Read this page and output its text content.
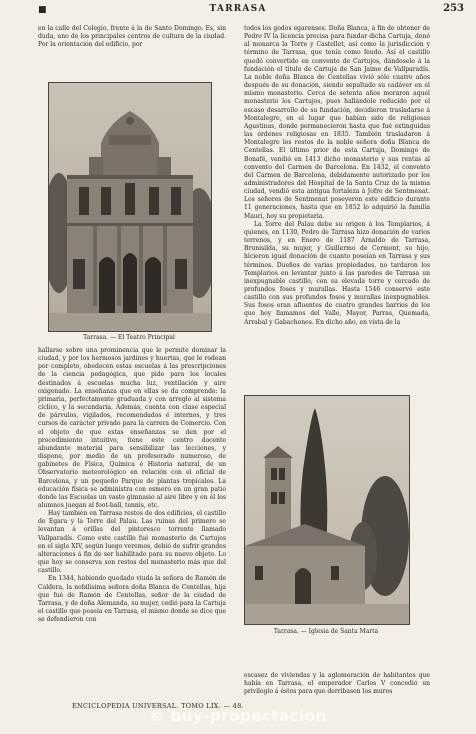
■	TARRASA	253

en la calle del Colegio, frente á la de Santo Domingo. Es, sin duda, uno de los principales centros de cultura de la ciudad. Por la orientación del edificio, por

Tarrasa. — El Teatro Principal

hallarse sobre una prominencia que le permite dominar la ciudad, y por los hermosos jardines y huertas, que le rodean por completo, obedecen estas escuelas á las prescripciones de la ciencia pedagógica, que pide para los locales destinados á escuelas mucha luz, ventilación y aire oxigenado. La enseñanza que en ellas se da comprende: la primaria, perfectamente graduada y con arreglo al sistema cíclico, y la secundaria. Además, cuenta con clase especial de párvulos, vigilados, recomendados é internos, y tres cursos de carácter privado para la carrera de Comercio. Con el objeto de que estas enseñanzas se den por el procedimiento intuitivo, tiene este centro docente abundante material para sensibilizar las lecciones, y dispone, por medio de un profesorado numeroso, de gabinetes de Física, Química é Historia natural, de un Observatorio meteorológico en relación con el oficial de Barcelona, y un pequeño Parque de plantas tropicales. La educación física se administra con esmero en un gran patio donde las Escuelas un vasto gimnasio al aire libre y en él los alumnos juegan al foot-ball, tennis, etc.

Hay también en Tarrasa restos de dos edificios, el castillo de Egara y la Torre del Palau. Las ruinas del primero se levantan á orillas del pintoresco torrente llamado Vallparadís. Como este castillo fué monasterio de Cartujos en el siglo XIV, según luego veremos, debió de sufrir grandes alteraciones á fin de ser habilitado para su nuevo objeto. Lo que hoy se conserva son restos del monasterio más que del castillo.

En 1344, habiendo quedado viuda la señora de Ramón de Caldera, la nobilísima señora doña Blanca de Centellas, hija que fué de Ramón de Centellas, señor de la ciudad de Tarrasa, y de doña Alemanda, su mujer, cedió para la Cartuja el castillo que poseía en Tarrasa, el mismo donde se dice que se defendieron con

todos los godos egarenses. Doña Blanca, á fin de obtener de Pedro IV la licencia precisa para fundar dicha Cartuja, donó al monarca la Torre y Castellet, así como la jurisdicción y término de Tarrasa, que tenía como feudo. Así el castillo quedó convertido en convento de Cartujos, dándosele á la fundación el título de Cartuja de San Jaime de Vallparadís. La noble doña Blanca de Centellas vivió sólo cuatro años después de su donación, siendo sepultado su cadáver en el mismo monasterio. Cerca de setenta años moraron aquel monasterio los Cartujos, pues hallándole reducido por el escaso desarrollo de su fundación, decidieron trasladarse á Montalegre, en el lugar que habían sido de religiosas Agustinas, donde permanecieron hasta que fué extinguidas las órdenes religiosas en 1835. También trasladaron á Montalegre los restos de la noble señora doña Blanca de Centellas. El último prior de esta Cartuja, Domingo de Bonafé, vendió en 1413 dicho monasterio y sus rentas al convento del Carmen de Barcelona. En 1432, el convento del Carmen de Barcelona, debidamente autorizado por los administradores del Hospital de la Santa Cruz de la misma ciudad, vendió esta antigua fortaleza á Jofre de Sentmenat. Los señores de Sentmenat poseyeron este edificio durante 11 generaciones, hasta que en 1852 lo adquirió la familia Maurí, hoy su propietaria.

La Torre del Palau debe su origen á los Templarios, á quienes, en 1130, Pedro de Tarrasa hizo donación de varios terrenos, y en Enero de 1187 Arnaldo de Tarrasa, Brunisilda, su mujer, y Guillermo de Cermont, su hijo, hicieron igual donación de cuanto poseían en Tarrasa y sus términos. Dueños de varias propiedades, no tardaron los Templarios en levantar junto á las paredes de Tarrasa un inexpugnable castillo, con su elevada torre y cercado de profundos fosos y murallas. Hasta 1546 conservó este castillo con sus profundos fosos y murallas inexpugnables. Sus fosos eran afluentes de cuatro grandes barrios de los que hoy llamamos del Valle, Mayor, Parras, Quemada, Arrabal y Gabachones. En dicho año, en vista de la

Tarrasa. — Iglesia de Santa Marta

escasez de viviendas y la aglomeración de habitantes que había en Tarrasa, el emperador Carlos V concedió un privilegio á éstos para que derribasen los muros

ENCICLOPEDIA UNIVERSAL. TOMO LIX. — 48.
© buy-propectacion
